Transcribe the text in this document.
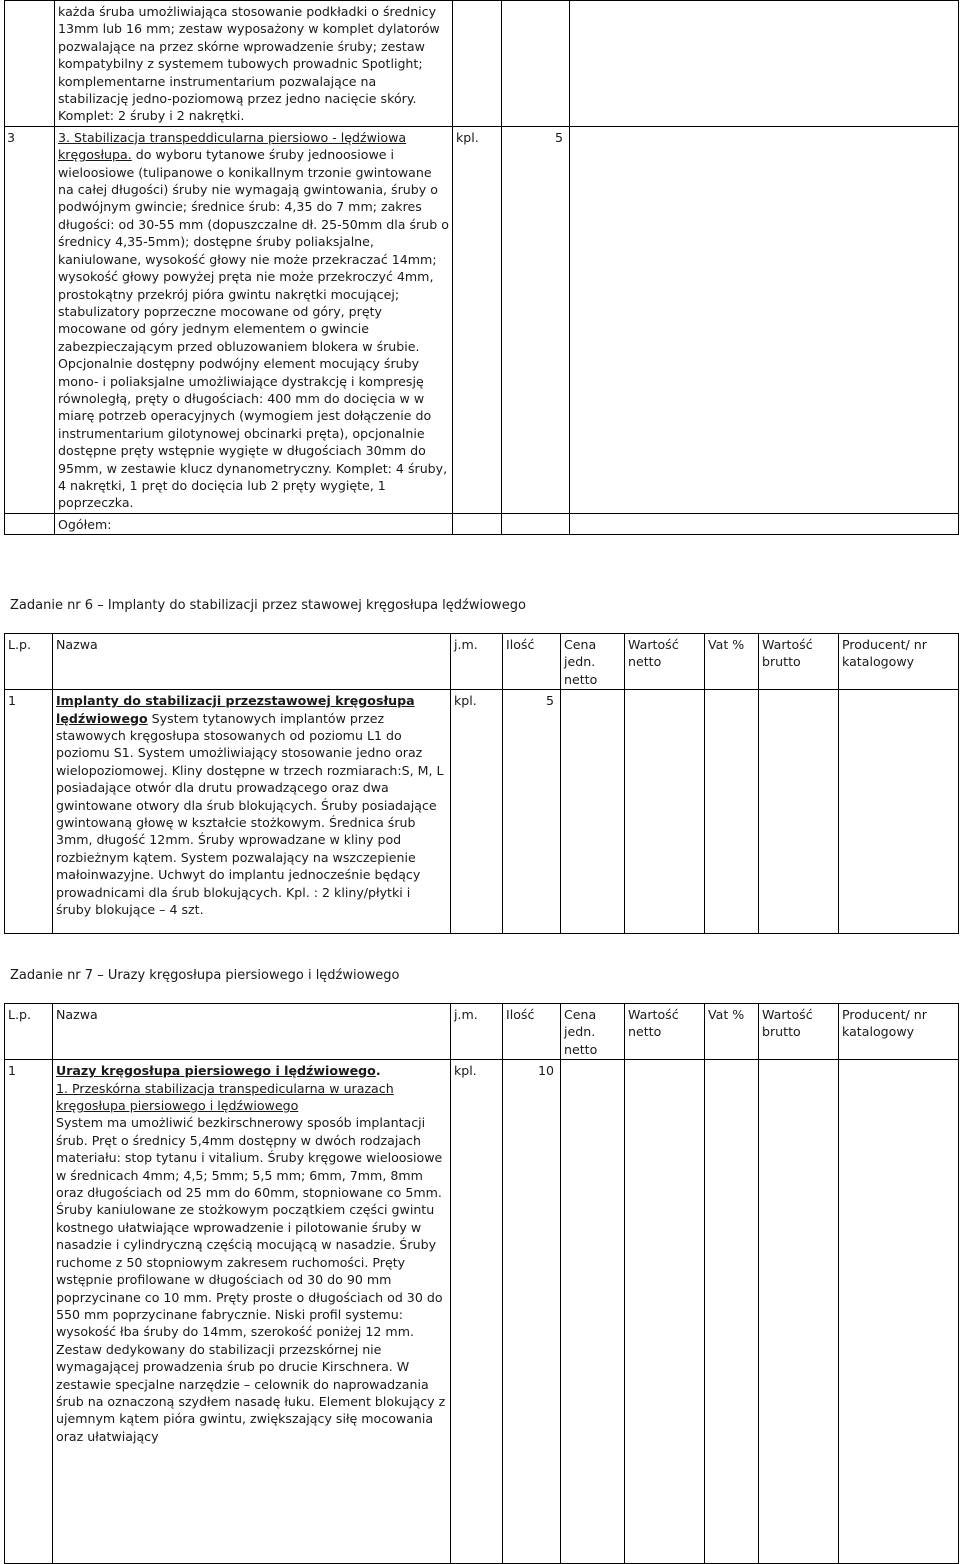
	każda śruba umożliwiająca stosowanie podkładki o średnicy 13mm lub 16 mm; zestaw wyposażony w komplet dylatorów pozwalające na przez skórne wprowadzenie śruby; zestaw kompatybilny z systemem tubowych prowadnic Spotlight; komplementarne instrumentarium pozwalające na stabilizację jedno-poziomową przez jedno nacięcie skóry. Komplet: 2 śruby i 2 nakrętki.			
3	3. Stabilizacja transpeddicularna piersiowo - lędźwiowa kręgosłupa. do wyboru tytanowe śruby jednoosiowe i wieloosiowe (tulipanowe o konikallnym trzonie gwintowane na całej długości) śruby nie wymagają gwintowania, śruby o podwójnym gwincie; średnice śrub: 4,35 do 7 mm; zakres długości: od 30-55 mm (dopuszczalne dł. 25-50mm dla śrub o średnicy 4,35-5mm); dostępne śruby poliaksjalne, kaniulowane, wysokość głowy nie może przekraczać 14mm; wysokość głowy powyżej pręta nie może przekroczyć 4mm, prostokątny przekrój pióra gwintu nakrętki mocującej; stabulizatory poprzeczne mocowane od góry, pręty mocowane od góry jednym elementem o gwincie zabezpieczającym przed obluzowaniem blokera w śrubie. Opcjonalnie dostępny podwójny element mocujący śruby mono- i poliaksjalne umożliwiające dystrakcję i kompresję równoległą, pręty o długościach: 400 mm do docięcia w w miarę potrzeb operacyjnych (wymogiem jest dołączenie do instrumentarium gilotynowej obcinarki pręta), opcjonalnie dostępne pręty wstępnie wygięte w długościach 30mm do 95mm, w zestawie klucz dynanometryczny. Komplet: 4 śruby, 4 nakrętki, 1 pręt do docięcia lub 2 pręty wygięte, 1 poprzeczka.	kpl.	5	
	Ogółem:			
Zadanie nr 6 – Implanty do stabilizacji przez stawowej kręgosłupa lędźwiowego
L.p.	Nazwa	j.m.	Ilość	Cena jedn. netto	Wartość netto	Vat %	Wartość brutto	Producent/ nr katalogowy
1	Implanty do stabilizacji przezstawowej kręgosłupa lędźwiowego System tytanowych implantów przez stawowych kręgosłupa stosowanych od poziomu L1 do poziomu S1. System umożliwiający stosowanie jedno oraz wielopoziomowej. Kliny dostępne w trzech rozmiarach:S, M, L posiadające otwór dla drutu prowadzącego oraz dwa gwintowane otwory dla śrub blokujących. Śruby posiadające gwintowaną głowę w kształcie stożkowym. Średnica śrub 3mm, długość 12mm. Śruby wprowadzane w kliny pod rozbieżnym kątem. System pozwalający na wszczepienie małoinwazyjne. Uchwyt do implantu jednocześnie będący prowadnicami dla śrub blokujących. Kpl. : 2 kliny/płytki i śruby blokujące – 4 szt.	kpl.	5					
Zadanie nr 7 – Urazy kręgosłupa piersiowego i lędźwiowego
L.p.	Nazwa	j.m.	Ilość	Cena jedn. netto	Wartość netto	Vat %	Wartość brutto	Producent/ nr katalogowy
1	Urazy kręgosłupa piersiowego i lędźwiowego.
1. Przeskórna stabilizacja transpedicularna w urazach kręgosłupa piersiowego i lędźwiowego
System ma umożliwić bezkirschnerowy sposób implantacji śrub. Pręt o średnicy 5,4mm dostępny w dwóch rodzajach materiału: stop tytanu i vitalium. Śruby kręgowe wieloosiowe w średnicach 4mm; 4,5; 5mm; 5,5 mm; 6mm, 7mm, 8mm oraz długościach od 25 mm do 60mm, stopniowane co 5mm. Śruby kaniulowane ze stożkowym początkiem części gwintu kostnego ułatwiające wprowadzenie i pilotowanie śruby w nasadzie i cylindryczną częścią mocującą w nasadzie. Śruby ruchome z 50 stopniowym zakresem ruchomości. Pręty wstępnie profilowane w długościach od 30 do 90 mm poprzycinane co 10 mm. Pręty proste o długościach od 30 do 550 mm poprzycinane fabrycznie. Niski profil systemu: wysokość łba śruby do 14mm, szerokość poniżej 12 mm. Zestaw dedykowany do stabilizacji przezskórnej nie wymagającej prowadzenia śrub po drucie Kirschnera. W zestawie specjalne narzędzie – celownik do naprowadzania śrub na oznaczoną szydłem nasadę łuku. Element blokujący z ujemnym kątem pióra gwintu, zwiększający siłę mocowania oraz ułatwiający	kpl.	10					
